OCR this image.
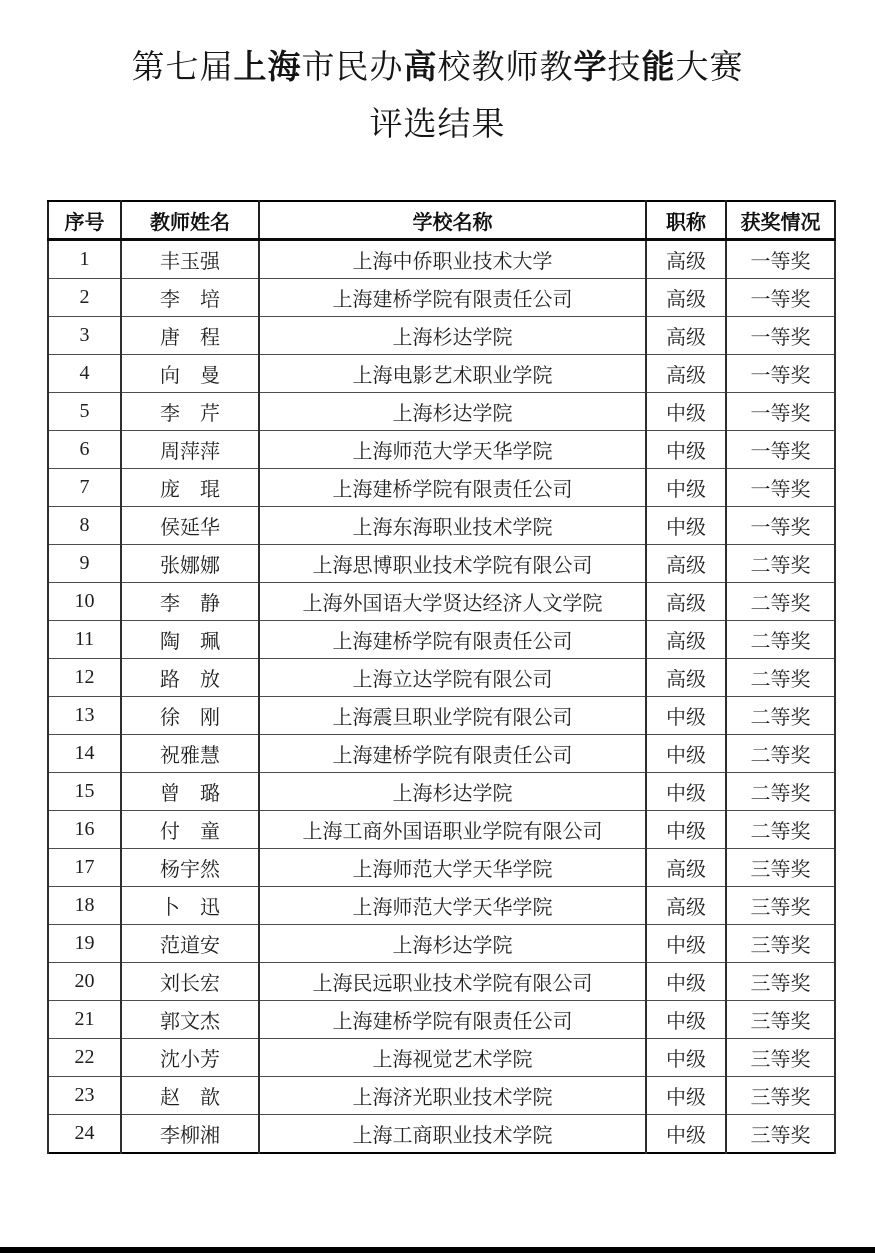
第七届上海市民办高校教师教学技能大赛
评选结果
序号	教师姓名	学校名称	职称	获奖情况
1	丰玉强	上海中侨职业技术大学	高级	一等奖
2	李　培	上海建桥学院有限责任公司	高级	一等奖
3	唐　程	上海杉达学院	高级	一等奖
4	向　曼	上海电影艺术职业学院	高级	一等奖
5	李　芹	上海杉达学院	中级	一等奖
6	周萍萍	上海师范大学天华学院	中级	一等奖
7	庞　琨	上海建桥学院有限责任公司	中级	一等奖
8	侯延华	上海东海职业技术学院	中级	一等奖
9	张娜娜	上海思博职业技术学院有限公司	高级	二等奖
10	李　静	上海外国语大学贤达经济人文学院	高级	二等奖
11	陶　珮	上海建桥学院有限责任公司	高级	二等奖
12	路　放	上海立达学院有限公司	高级	二等奖
13	徐　刚	上海震旦职业学院有限公司	中级	二等奖
14	祝雅慧	上海建桥学院有限责任公司	中级	二等奖
15	曾　璐	上海杉达学院	中级	二等奖
16	付　童	上海工商外国语职业学院有限公司	中级	二等奖
17	杨宇然	上海师范大学天华学院	高级	三等奖
18	卜　迅	上海师范大学天华学院	高级	三等奖
19	范道安	上海杉达学院	中级	三等奖
20	刘长宏	上海民远职业技术学院有限公司	中级	三等奖
21	郭文杰	上海建桥学院有限责任公司	中级	三等奖
22	沈小芳	上海视觉艺术学院	中级	三等奖
23	赵　歆	上海济光职业技术学院	中级	三等奖
24	李柳湘	上海工商职业技术学院	中级	三等奖
